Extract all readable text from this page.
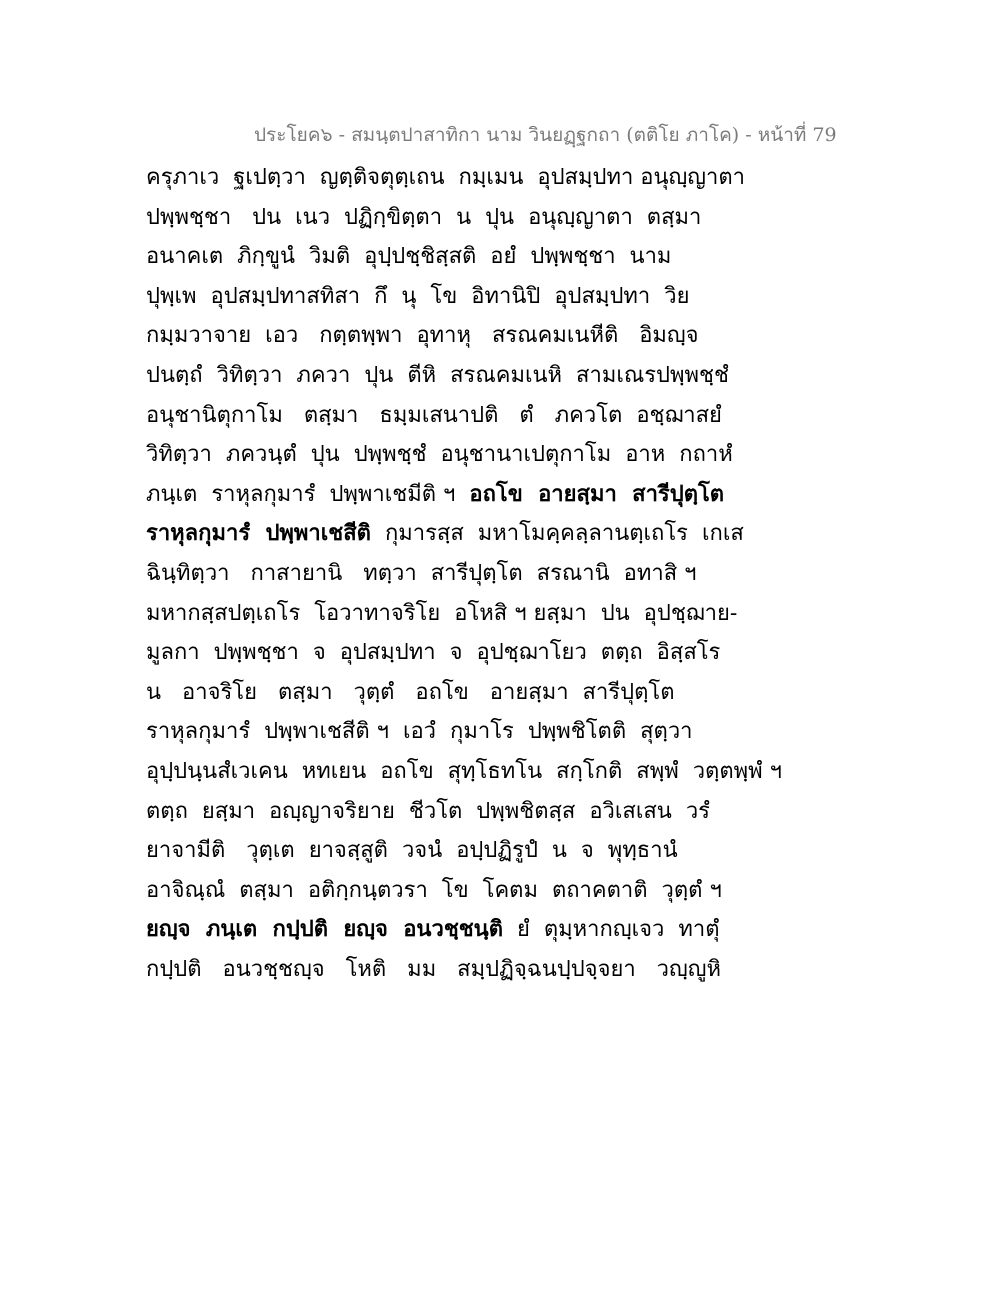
ประโยค๖ - สมนฺตปาสาทิกา นาม วินยฏฺฐกถา (ตติโย ภาโค) - หน้าที่ 79
ครุภาเว  ฐเปตฺวา  ญตฺติจตุตฺเถน  กมฺเมน  อุปสมฺปทา อนุญฺญาตา
ปพฺพชฺชา   ปน  เนว  ปฏิกฺขิตฺตา  น  ปุน  อนุญฺญาตา  ตสฺมา
อนาคเต  ภิกฺขูนํ  วิมติ  อุปฺปชฺชิสฺสติ  อยํ  ปพฺพชฺชา  นาม
ปุพฺเพ  อุปสมฺปทาสทิสา  กึ  นุ  โข  อิทานิปิ  อุปสมฺปทา  วิย
กมฺมวาจาย  เอว   กตฺตพฺพา  อุทาหุ   สรณคมเนหีติ   อิมญฺจ
ปนตฺถํ  วิทิตฺวา  ภควา  ปุน  ตีหิ  สรณคมเนหิ  สามเณรปพฺพชฺชํ
อนุชานิตุกาโม   ตสฺมา   ธมฺมเสนาปติ   ตํ   ภควโต  อชฺฌาสยํ
วิทิตฺวา  ภควนฺตํ  ปุน  ปพฺพชฺชํ  อนุชานาเปตุกาโม  อาห  กถาหํ
ภนฺเต  ราหุลกุมารํ  ปพฺพาเชมีติ ฯ  อถโข  อายสฺมา  สารีปุตฺโต
ราหุลกุมารํ  ปพฺพาเชสีติ  กุมารสฺส  มหาโมคฺคลฺลานตฺเถโร  เกเส
ฉินฺทิตฺวา   กาสายานิ   ทตฺวา  สารีปุตฺโต  สรณานิ  อทาสิ ฯ
มหากสฺสปตฺเถโร  โอวาทาจริโย  อโหสิ ฯ ยสฺมา  ปน  อุปชฺฌาย-
มูลกา  ปพฺพชฺชา  จ  อุปสมฺปทา  จ  อุปชฺฌาโยว  ตตฺถ  อิสฺสโร
น   อาจริโย   ตสฺมา   วุตฺตํ   อถโข   อายสฺมา  สารีปุตฺโต
ราหุลกุมารํ  ปพฺพาเชสีติ ฯ  เอวํ  กุมาโร  ปพฺพชิโตติ  สุตฺวา
อุปฺปนฺนสํเวเคน  หทเยน  อถโข  สุทฺโธทโน  สกฺโกติ  สพฺพํ  วตฺตพฺพํ ฯ
ตตฺถ  ยสฺมา  อญฺญาจริยาย  ชีวโต  ปพฺพชิตสฺส  อวิเสเสน  วรํ
ยาจามีติ   วุตฺเต  ยาจสฺสูติ  วจนํ  อปฺปฏิรูปํ  น  จ  พุทฺธานํ
อาจิณฺณํ  ตสฺมา  อติกฺกนฺตวรา  โข  โคตม  ตถาคตาติ  วุตฺตํ ฯ
ยญฺจ  ภนฺเต  กปฺปติ  ยญฺจ  อนวชฺชนฺติ  ยํ  ตุมฺหากญฺเจว  ทาตุํ
กปฺปติ   อนวชฺชญฺจ   โหติ   มม   สมฺปฏิจฺฉนปฺปจฺจยา   วญฺญูหิ
